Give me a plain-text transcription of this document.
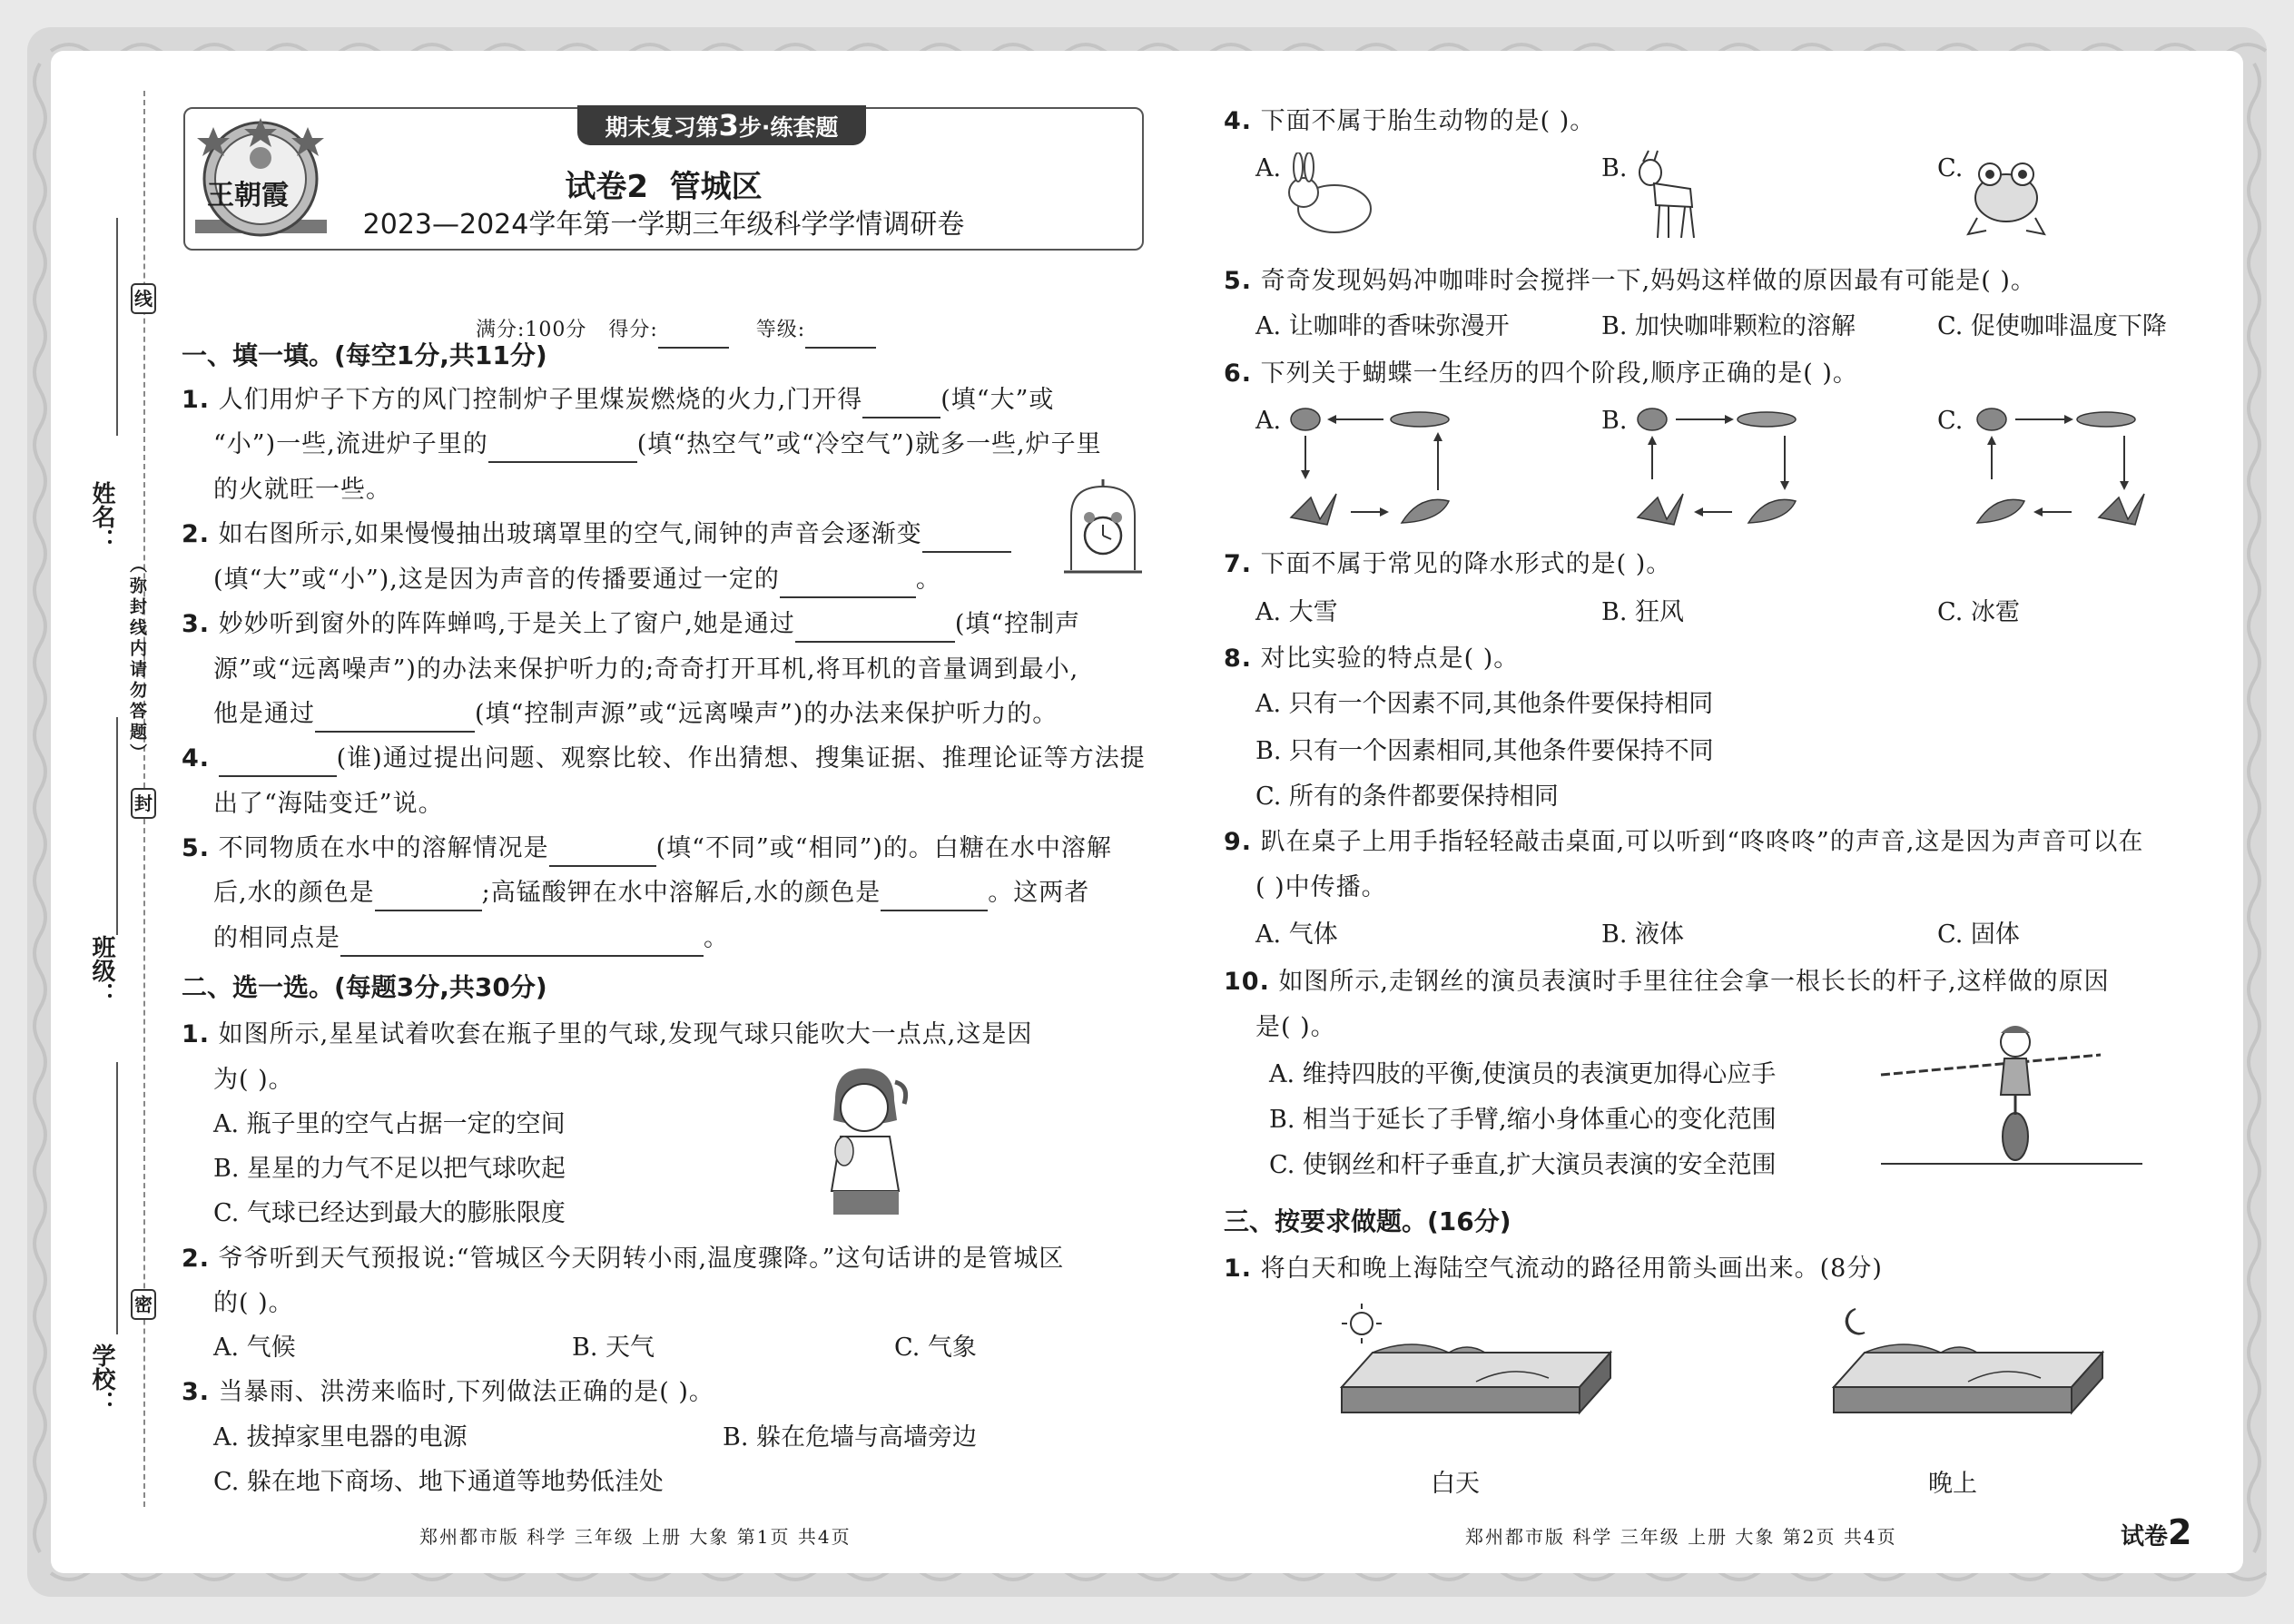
线
封
密
（弥封线内请勿答题）
姓名：
班级：
学校：
期末复习第3步·练套题
王朝霞	试卷2  管城区
2023—2024学年第一学期三年级科学学情调研卷

满分:100分   得分:	等级:

一、填一填。(每空1分,共11分)
1. 人们用炉子下方的风门控制炉子里煤炭燃烧的火力,门开得	(填“大”或
“小”)一些,流进炉子里的	(填“热空气”或“冷空气”)就多一些,炉子里
的火就旺一些。
2. 如右图所示,如果慢慢抽出玻璃罩里的空气,闹钟的声音会逐渐变
(填“大”或“小”),这是因为声音的传播要通过一定的	。
3. 妙妙听到窗外的阵阵蝉鸣,于是关上了窗户,她是通过	(填“控制声
源”或“远离噪声”)的办法来保护听力的;奇奇打开耳机,将耳机的音量调到最小,
他是通过	(填“控制声源”或“远离噪声”)的办法来保护听力的。
4.	(谁)通过提出问题、观察比较、作出猜想、搜集证据、推理论证等方法提
出了“海陆变迁”说。
5. 不同物质在水中的溶解情况是	(填“不同”或“相同”)的。白糖在水中溶解
后,水的颜色是	;高锰酸钾在水中溶解后,水的颜色是	。这两者
的相同点是	。
二、选一选。(每题3分,共30分)
1. 如图所示,星星试着吹套在瓶子里的气球,发现气球只能吹大一点点,这是因
为( )。
A. 瓶子里的空气占据一定的空间
B. 星星的力气不足以把气球吹起
C. 气球已经达到最大的膨胀限度
2. 爷爷听到天气预报说:“管城区今天阴转小雨,温度骤降。”这句话讲的是管城区
的( )。
A. 气候	B. 天气	C. 气象
3. 当暴雨、洪涝来临时,下列做法正确的是( )。
A. 拔掉家里电器的电源	B. 躲在危墙与高墙旁边
C. 躲在地下商场、地下通道等地势低洼处
郑州都市版 科学 三年级 上册 大象 第1页 共4页
4. 下面不属于胎生动物的是( )。
A.	B.	C.
5. 奇奇发现妈妈冲咖啡时会搅拌一下,妈妈这样做的原因最有可能是( )。
A. 让咖啡的香味弥漫开	B. 加快咖啡颗粒的溶解	C. 促使咖啡温度下降
6. 下列关于蝴蝶一生经历的四个阶段,顺序正确的是( )。
A.	B.	C.
7. 下面不属于常见的降水形式的是( )。
A. 大雪	B. 狂风	C. 冰雹
8. 对比实验的特点是( )。
A. 只有一个因素不同,其他条件要保持相同
B. 只有一个因素相同,其他条件要保持不同
C. 所有的条件都要保持相同
9. 趴在桌子上用手指轻轻敲击桌面,可以听到“咚咚咚”的声音,这是因为声音可以在
( )中传播。
A. 气体	B. 液体	C. 固体
10. 如图所示,走钢丝的演员表演时手里往往会拿一根长长的杆子,这样做的原因
是( )。
A. 维持四肢的平衡,使演员的表演更加得心应手
B. 相当于延长了手臂,缩小身体重心的变化范围
C. 使钢丝和杆子垂直,扩大演员表演的安全范围
三、按要求做题。(16分)
1. 将白天和晚上海陆空气流动的路径用箭头画出来。(8分)
白天	晚上
郑州都市版 科学 三年级 上册 大象 第2页 共4页	试卷2
